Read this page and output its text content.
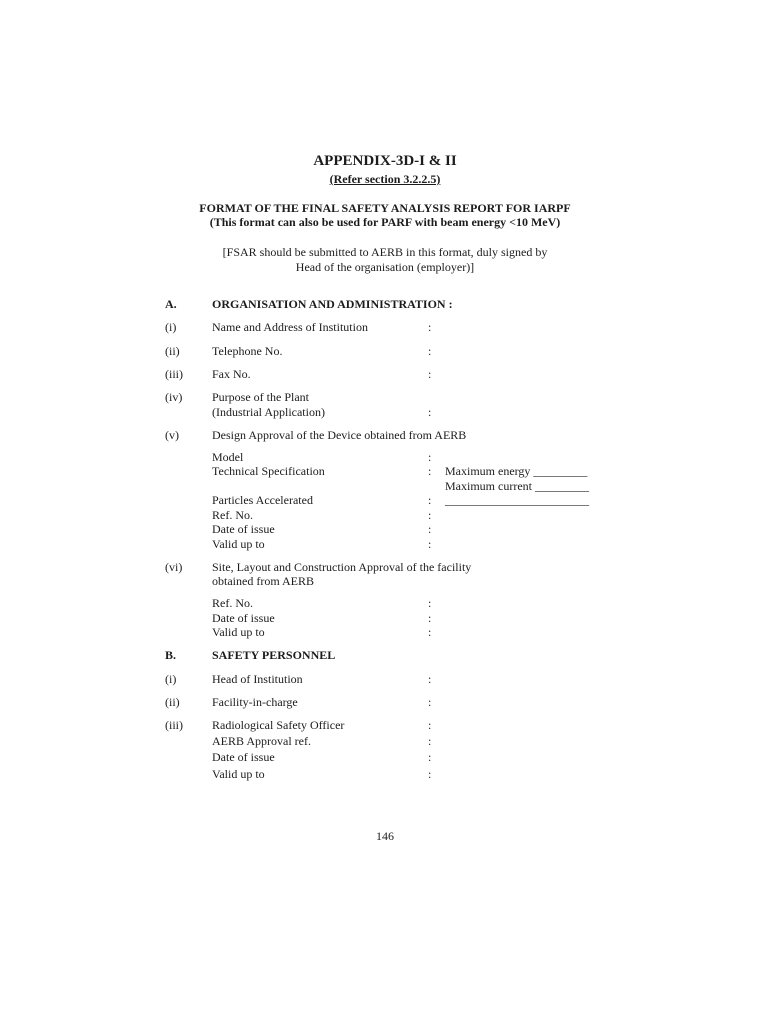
APPENDIX-3D-I & II
(Refer section 3.2.2.5)
FORMAT OF THE FINAL SAFETY ANALYSIS REPORT FOR IARPF
(This format can also be used for PARF with beam energy <10 MeV)
[FSAR should be submitted to AERB in this format, duly signed by
Head of the organisation (employer)]
A.	ORGANISATION AND ADMINISTRATION :
(i)	Name and Address of Institution	:
(ii)	Telephone No.	:
(iii) Fax No.	:
(iv) Purpose of the Plant
(Industrial Application)	:
(v)	Design Approval of the Device obtained from AERB
Model	:
Technical Specification	: Maximum energy _________
Maximum current _________
Particles Accelerated	: ________________________
Ref. No.	:
Date of issue	:
Valid up to	:
(vi) Site, Layout and Construction Approval of the facility
obtained from AERB
Ref. No.	:
Date of issue	:
Valid up to	:
B.	SAFETY PERSONNEL
(i)	Head of Institution	:
(ii)	Facility-in-charge	:
(iii) Radiological Safety Officer	:
AERB Approval ref.	:
Date of issue	:
Valid up to	:
146
